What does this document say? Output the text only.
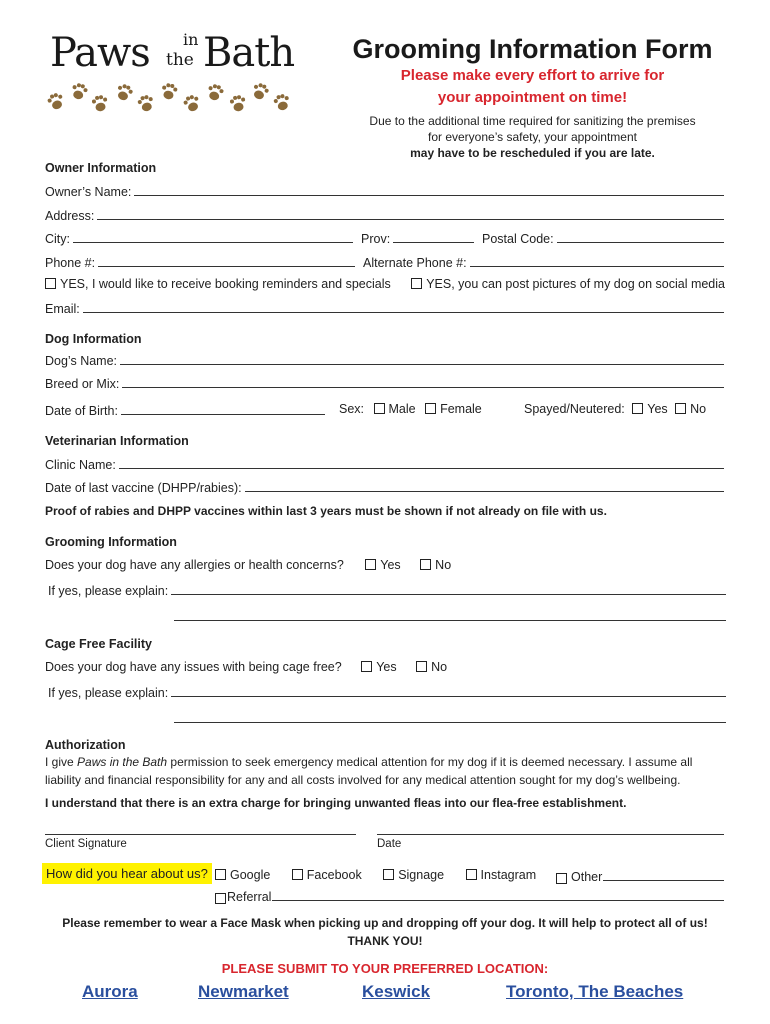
Paws in
the Bath	Grooming Information Form
Please make every effort to arrive for
your appointment on time!
Due to the additional time required for sanitizing the premises
for everyone’s safety, your appointment
may have to be rescheduled if you are late.
Owner Information
Owner’s Name:
Address:
City:	Prov:	Postal Code:
Phone #:	Alternate Phone #:
YES, I would like to receive booking reminders and specials	YES, you can post pictures of my dog on social media
Email:
Dog Information
Dog’s Name:
Breed or Mix:
Date of Birth:	Sex: Male Female	Spayed/Neutered: Yes No
Veterinarian Information
Clinic Name:
Date of last vaccine (DHPP/rabies):
Proof of rabies and DHPP vaccines within last 3 years must be shown if not already on file with us.
Grooming Information
Does your dog have any allergies or health concerns?	Yes	No
If yes, please explain:
Cage Free Facility
Does your dog have any issues with being cage free?	Yes	No
If yes, please explain:
Authorization
I give Paws in the Bath permission to seek emergency medical attention for my dog if it is deemed necessary. I assume all
liability and financial responsibility for any and all costs involved for any medical attention sought for my dog’s wellbeing.
I understand that there is an extra charge for bringing unwanted fleas into our flea-free establishment.
Client Signature	Date
How did you hear about us?	Google	Facebook	Signage	Instagram	Other
Referral
Please remember to wear a Face Mask when picking up and dropping off your dog. It will help to protect all of us!
THANK YOU!
PLEASE SUBMIT TO YOUR PREFERRED LOCATION:
Aurora	Newmarket	Keswick	Toronto, The Beaches
